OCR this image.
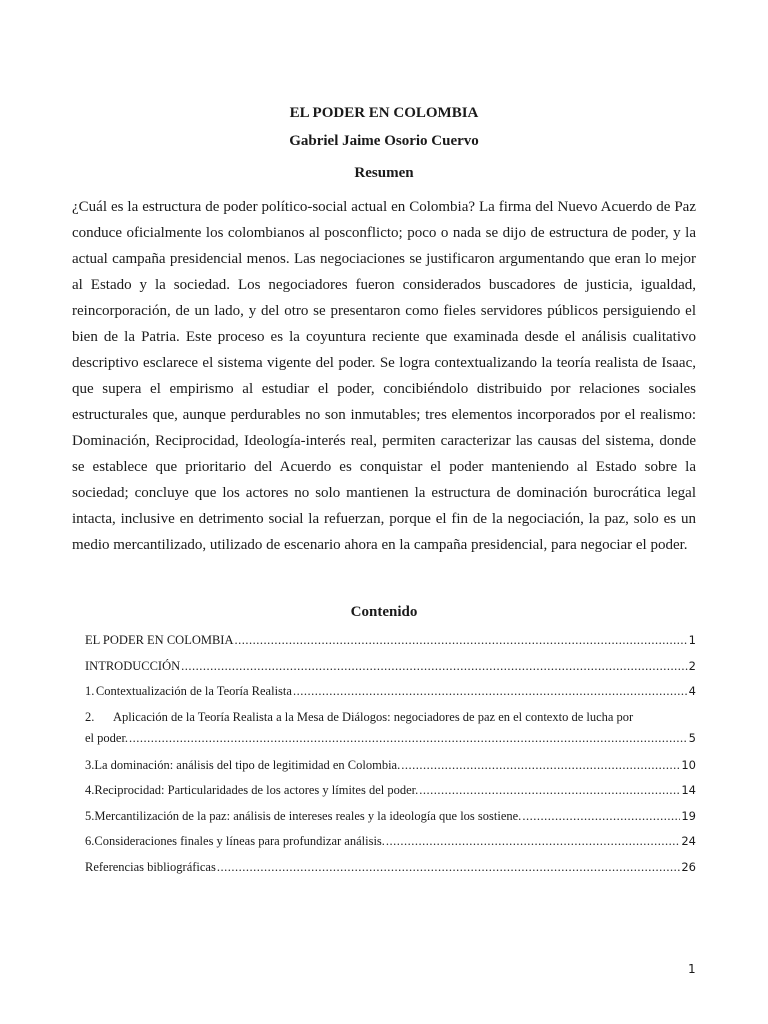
EL PODER EN COLOMBIA
Gabriel Jaime Osorio Cuervo
Resumen

¿Cuál es la estructura de poder político-social actual en Colombia? La firma del Nuevo Acuerdo de Paz conduce oficialmente los colombianos al posconflicto; poco o nada se dijo de estructura de poder, y la actual campaña presidencial menos. Las negociaciones se justificaron argumentando que eran lo mejor al Estado y la sociedad. Los negociadores fueron considerados buscadores de justicia, igualdad, reincorporación, de un lado, y del otro se presentaron como fieles servidores públicos persiguiendo el bien de la Patria. Este proceso es la coyuntura reciente que examinada desde el análisis cualitativo descriptivo esclarece el sistema vigente del poder. Se logra contextualizando la teoría realista de Isaac, que supera el empirismo al estudiar el poder, concibiéndolo distribuido por relaciones sociales estructurales que, aunque perdurables no son inmutables; tres elementos incorporados por el realismo: Dominación, Reciprocidad, Ideología-interés real, permiten caracterizar las causas del sistema, donde se establece que prioritario del Acuerdo es conquistar el poder manteniendo al Estado sobre la sociedad; concluye que los actores no solo mantienen la estructura de dominación burocrática legal intacta, inclusive en detrimento social la refuerzan, porque el fin de la negociación, la paz, solo es un medio mercantilizado, utilizado de escenario ahora en la campaña presidencial, para negociar el poder.

Contenido
EL PODER EN COLOMBIA .....	1
INTRODUCCIÓN .....	2
1. Contextualización de la Teoría Realista .....	4
2. Aplicación de la Teoría Realista a la Mesa de Diálogos: negociadores de paz en el contexto de lucha por
el poder. .....	5
3. La dominación: análisis del tipo de legitimidad en Colombia. .....	10
4. Reciprocidad: Particularidades de los actores y límites del poder. .....	14
5. Mercantilización de la paz: análisis de intereses reales y la ideología que los sostiene. .....	19
6. Consideraciones finales y líneas para profundizar análisis. .....	24
Referencias bibliográficas .....	26
1
